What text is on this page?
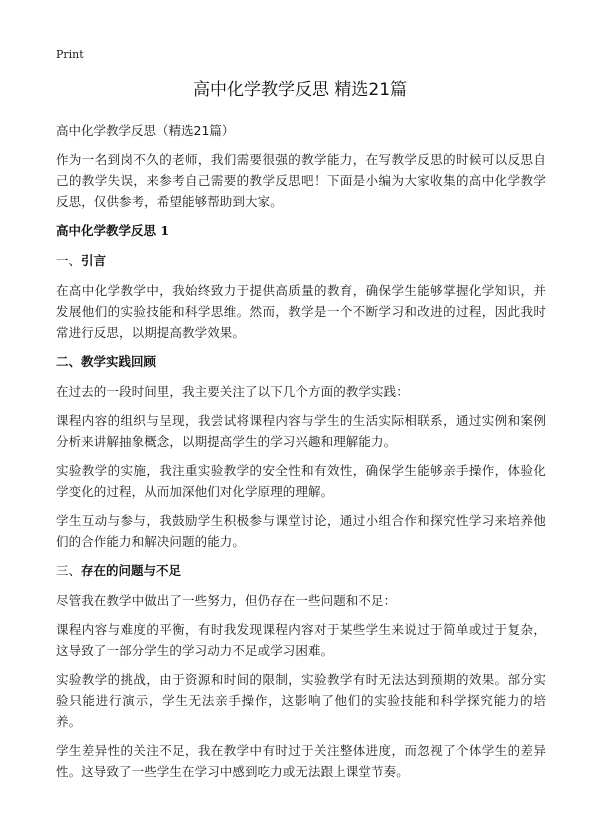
Print
高中化学教学反思 精选21篇

高中化学教学反思（精选21篇）

作为一名到岗不久的老师，我们需要很强的教学能力，在写教学反思的时候可以反思自己的教学失误，来参考自己需要的教学反思吧！下面是小编为大家收集的高中化学教学反思，仅供参考，希望能够帮助到大家。

高中化学教学反思 1
一、引言

在高中化学教学中，我始终致力于提供高质量的教育，确保学生能够掌握化学知识，并发展他们的实验技能和科学思维。然而，教学是一个不断学习和改进的过程，因此我时常进行反思，以期提高教学效果。

二、教学实践回顾

在过去的一段时间里，我主要关注了以下几个方面的教学实践：

课程内容的组织与呈现，我尝试将课程内容与学生的生活实际相联系，通过实例和案例分析来讲解抽象概念，以期提高学生的学习兴趣和理解能力。

实验教学的实施，我注重实验教学的安全性和有效性，确保学生能够亲手操作，体验化学变化的过程，从而加深他们对化学原理的理解。

学生互动与参与，我鼓励学生积极参与课堂讨论，通过小组合作和探究性学习来培养他们的合作能力和解决问题的能力。

三、存在的问题与不足

尽管我在教学中做出了一些努力，但仍存在一些问题和不足：

课程内容与难度的平衡，有时我发现课程内容对于某些学生来说过于简单或过于复杂，这导致了一部分学生的学习动力不足或学习困难。

实验教学的挑战，由于资源和时间的限制，实验教学有时无法达到预期的效果。部分实验只能进行演示，学生无法亲手操作，这影响了他们的实验技能和科学探究能力的培养。

学生差异性的关注不足，我在教学中有时过于关注整体进度，而忽视了个体学生的差异性。这导致了一些学生在学习中感到吃力或无法跟上课堂节奏。
